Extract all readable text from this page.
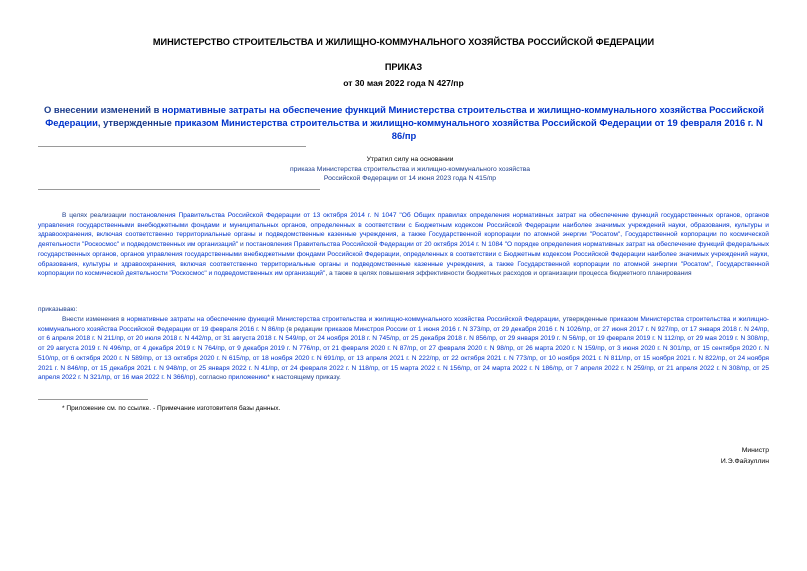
МИНИСТЕРСТВО СТРОИТЕЛЬСТВА И ЖИЛИЩНО-КОММУНАЛЬНОГО ХОЗЯЙСТВА РОССИЙСКОЙ ФЕДЕРАЦИИ
ПРИКАЗ
от 30 мая 2022 года N 427/пр
О внесении изменений в нормативные затраты на обеспечение функций Министерства строительства и жилищно-коммунального хозяйства Российской Федерации, утвержденные приказом Министерства строительства и жилищно-коммунального хозяйства Российской Федерации от 19 февраля 2016 г. N 86/пр
Утратил силу на основании
приказа Министерства строительства и жилищно-коммунального хозяйства
Российской Федерации от 14 июня 2023 года N 415/пр
В целях реализации постановления Правительства Российской Федерации от 13 октября 2014 г. N 1047 "Об Общих правилах определения нормативных затрат на обеспечение функций государственных органов, органов управления государственными внебюджетными фондами и муниципальных органов, определенных в соответствии с Бюджетным кодексом Российской Федерации наиболее значимых учреждений науки, образования, культуры и здравоохранения, включая соответственно территориальные органы и подведомственные казенные учреждения, а также Государственной корпорации по атомной энергии "Росатом", Государственной корпорации по космической деятельности "Роскосмос" и подведомственных им организаций" и постановления Правительства Российской Федерации от 20 октября 2014 г. N 1084 "О порядке определения нормативных затрат на обеспечение функций федеральных государственных органов, органов управления государственными внебюджетными фондами Российской Федерации, определенных в соответствии с Бюджетным кодексом Российской Федерации наиболее значимых учреждений науки, образования, культуры и здравоохранения, включая соответственно территориальные органы и подведомственные казенные учреждения, а также Государственной корпорации по атомной энергии "Росатом", Государственной корпорации по космической деятельности "Роскосмос" и подведомственных им организаций", а также в целях повышения эффективности бюджетных расходов и организации процесса бюджетного планирования
приказываю:
Внести изменения в нормативные затраты на обеспечение функций Министерства строительства и жилищно-коммунального хозяйства Российской Федерации, утвержденные приказом Министерства строительства и жилищно-коммунального хозяйства Российской Федерации от 19 февраля 2016 г. N 86/пр (в редакции приказов Минстроя России от 1 июня 2016 г. N 373/пр, от 29 декабря 2016 г. N 1026/пр, от 27 июня 2017 г. N 927/пр, от 17 января 2018 г. N 24/пр, от 6 апреля 2018 г. N 211/пр, от 20 июля 2018 г. N 442/пр, от 31 августа 2018 г. N 549/пр, от 24 ноября 2018 г. N 745/пр, от 25 декабря 2018 г. N 856/пр, от 29 января 2019 г. N 56/пр, от 19 февраля 2019 г. N 112/пр, от 29 мая 2019 г. N 308/пр, от 29 августа 2019 г. N 496/пр, от 4 декабря 2019 г. N 764/пр, от 9 декабря 2019 г. N 776/пр, от 21 февраля 2020 г. N 87/пр, от 27 февраля 2020 г. N 98/пр, от 26 марта 2020 г. N 159/пр, от 3 июня 2020 г. N 301/пр, от 15 сентября 2020 г. N 510/пр, от 6 октября 2020 г. N 589/пр, от 13 октября 2020 г. N 615/пр, от 18 ноября 2020 г. N 691/пр, от 13 апреля 2021 г. N 222/пр, от 22 октября 2021 г. N 773/пр, от 10 ноября 2021 г. N 811/пр, от 15 ноября 2021 г. N 822/пр, от 24 ноября 2021 г. N 846/пр, от 15 декабря 2021 г. N 948/пр, от 25 января 2022 г. N 41/пр, от 24 февраля 2022 г. N 118/пр, от 15 марта 2022 г. N 156/пр, от 24 марта 2022 г. N 186/пр, от 7 апреля 2022 г. N 259/пр, от 21 апреля 2022 г. N 308/пр, от 25 апреля 2022 г. N 321/пр, от 16 мая 2022 г. N 366/пр), согласно приложению* к настоящему приказу.
* Приложение см. по ссылке. - Примечание изготовителя базы данных.
Министр
И.Э.Файзуллин
